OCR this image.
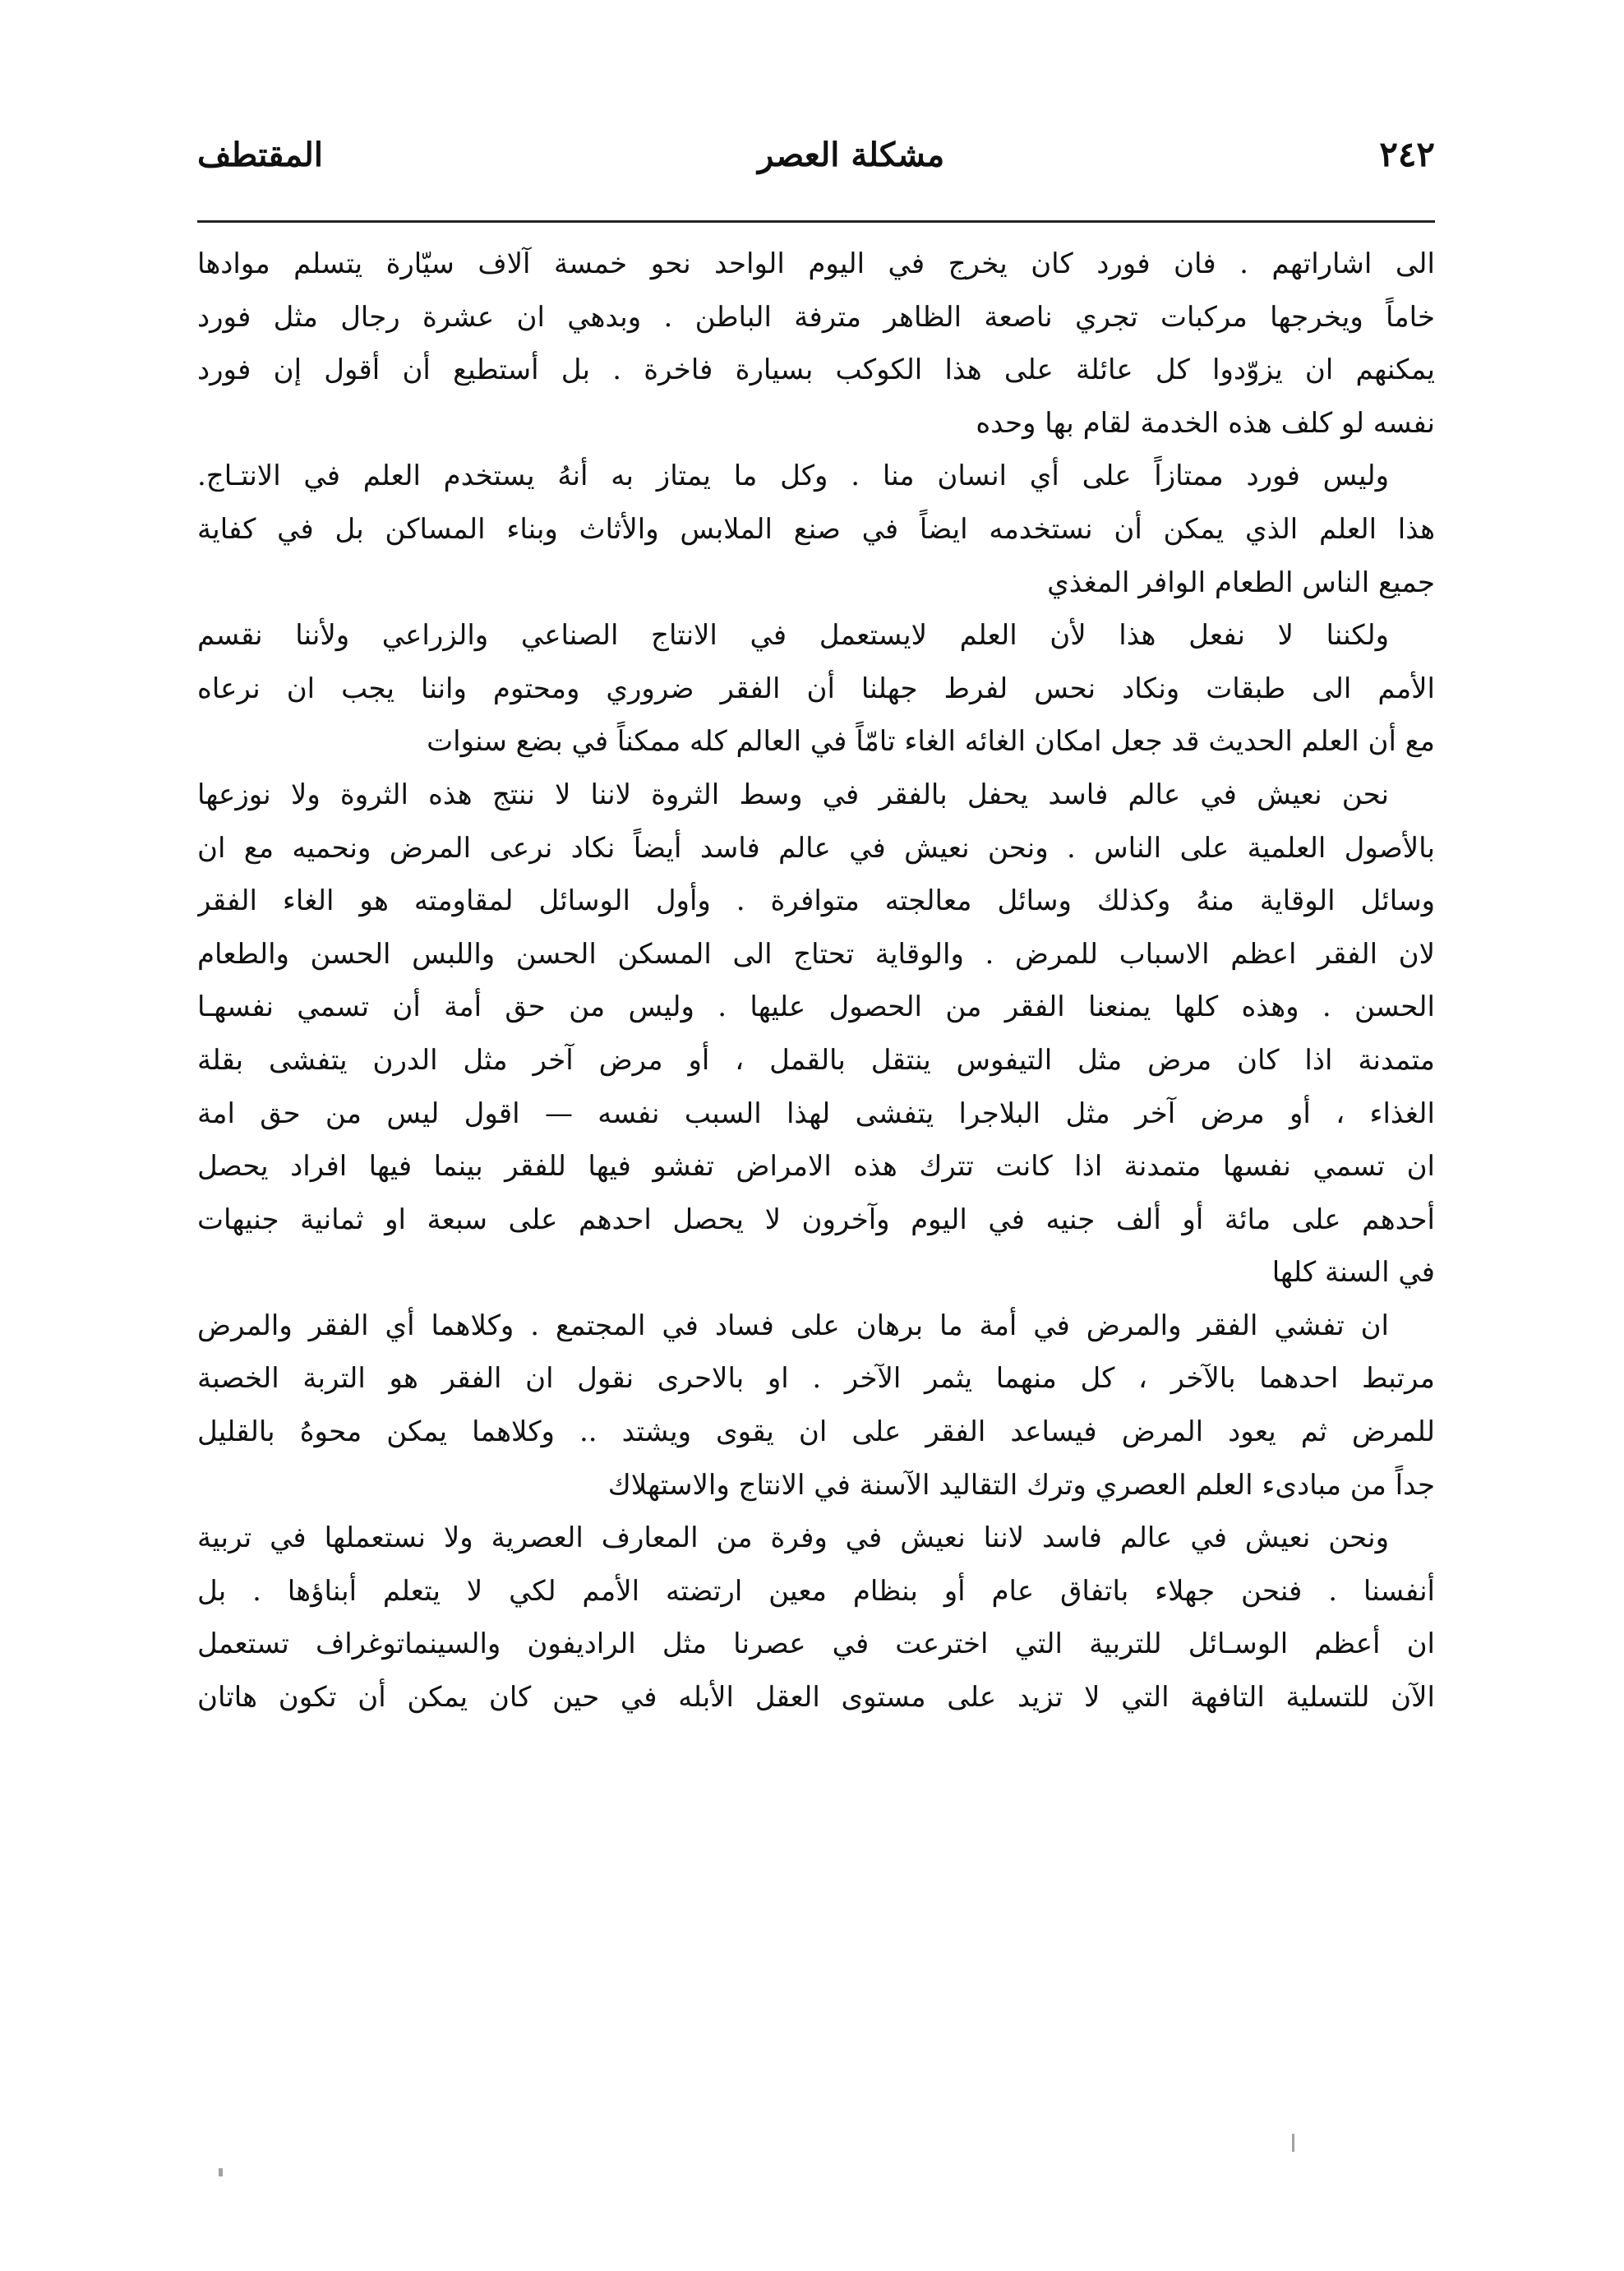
٢٤٢
مشكلة العصر
المقتطف
الى اشاراتهم . فان فورد كان يخرج في اليوم الواحد نحو خمسة آلاف سيّارة يتسلم موادها
خاماً ويخرجها مركبات تجري ناصعة الظاهر مترفة الباطن . وبدهي ان عشرة رجال مثل فورد
يمكنهم ان يزوّدوا كل عائلة على هذا الكوكب بسيارة فاخرة . بل أستطيع أن أقول إن فورد
نفسه لو كلف هذه الخدمة لقام بها وحده
وليس فورد ممتازاً على أي انسان منا . وكل ما يمتاز به أنهُ يستخدم العلم في الانتـاج.
هذا العلم الذي يمكن أن نستخدمه ايضاً في صنع الملابس والأثاث وبناء المساكن بل في كفاية
جميع الناس الطعام الوافر المغذي
ولكننا لا نفعل هذا لأن العلم لايستعمل في الانتاج الصناعي والزراعي ولأننا نقسم
الأمم الى طبقات ونكاد نحس لفرط جهلنا أن الفقر ضروري ومحتوم واننا يجب ان نرعاه
مع أن العلم الحديث قد جعل امكان الغائه الغاء تامّاً في العالم كله ممكناً في بضع سنوات
نحن نعيش في عالم فاسد يحفل بالفقر في وسط الثروة لاننا لا ننتج هذه الثروة ولا نوزعها
بالأصول العلمية على الناس . ونحن نعيش في عالم فاسد أيضاً نكاد نرعى المرض ونحميه مع ان
وسائل الوقاية منهُ وكذلك وسائل معالجته متوافرة . وأول الوسائل لمقاومته هو الغاء الفقر
لان الفقر اعظم الاسباب للمرض . والوقاية تحتاج الى المسكن الحسن واللبس الحسن والطعام
الحسن . وهذه كلها يمنعنا الفقر من الحصول عليها . وليس من حق أمة أن تسمي نفسهـا
متمدنة اذا كان مرض مثل التيفوس ينتقل بالقمل ، أو مرض آخر مثل الدرن يتفشى بقلة
الغذاء ، أو مرض آخر مثل البلاجرا يتفشى لهذا السبب نفسه — اقول ليس من حق امة
ان تسمي نفسها متمدنة اذا كانت تترك هذه الامراض تفشو فيها للفقر بينما فيها افراد يحصل
أحدهم على مائة أو ألف جنيه في اليوم وآخرون لا يحصل احدهم على سبعة او ثمانية جنيهات
في السنة كلها
ان تفشي الفقر والمرض في أمة ما برهان على فساد في المجتمع . وكلاهما أي الفقر والمرض
مرتبط احدهما بالآخر ، كل منهما يثمر الآخر . او بالاحرى نقول ان الفقر هو التربة الخصبة
للمرض ثم يعود المرض فيساعد الفقر على ان يقوى ويشتد .. وكلاهما يمكن محوهُ بالقليل
جداً من مبادىء العلم العصري وترك التقاليد الآسنة في الانتاج والاستهلاك
ونحن نعيش في عالم فاسد لاننا نعيش في وفرة من المعارف العصرية ولا نستعملها في تربية
أنفسنا . فنحن جهلاء باتفاق عام أو بنظام معين ارتضته الأمم لكي لا يتعلم أبناؤها . بل
ان أعظم الوسـائل للتربية التي اخترعت في عصرنا مثل الراديفون والسينماتوغراف تستعمل
الآن للتسلية التافهة التي لا تزيد على مستوى العقل الأبله في حين كان يمكن أن تكون هاتان
